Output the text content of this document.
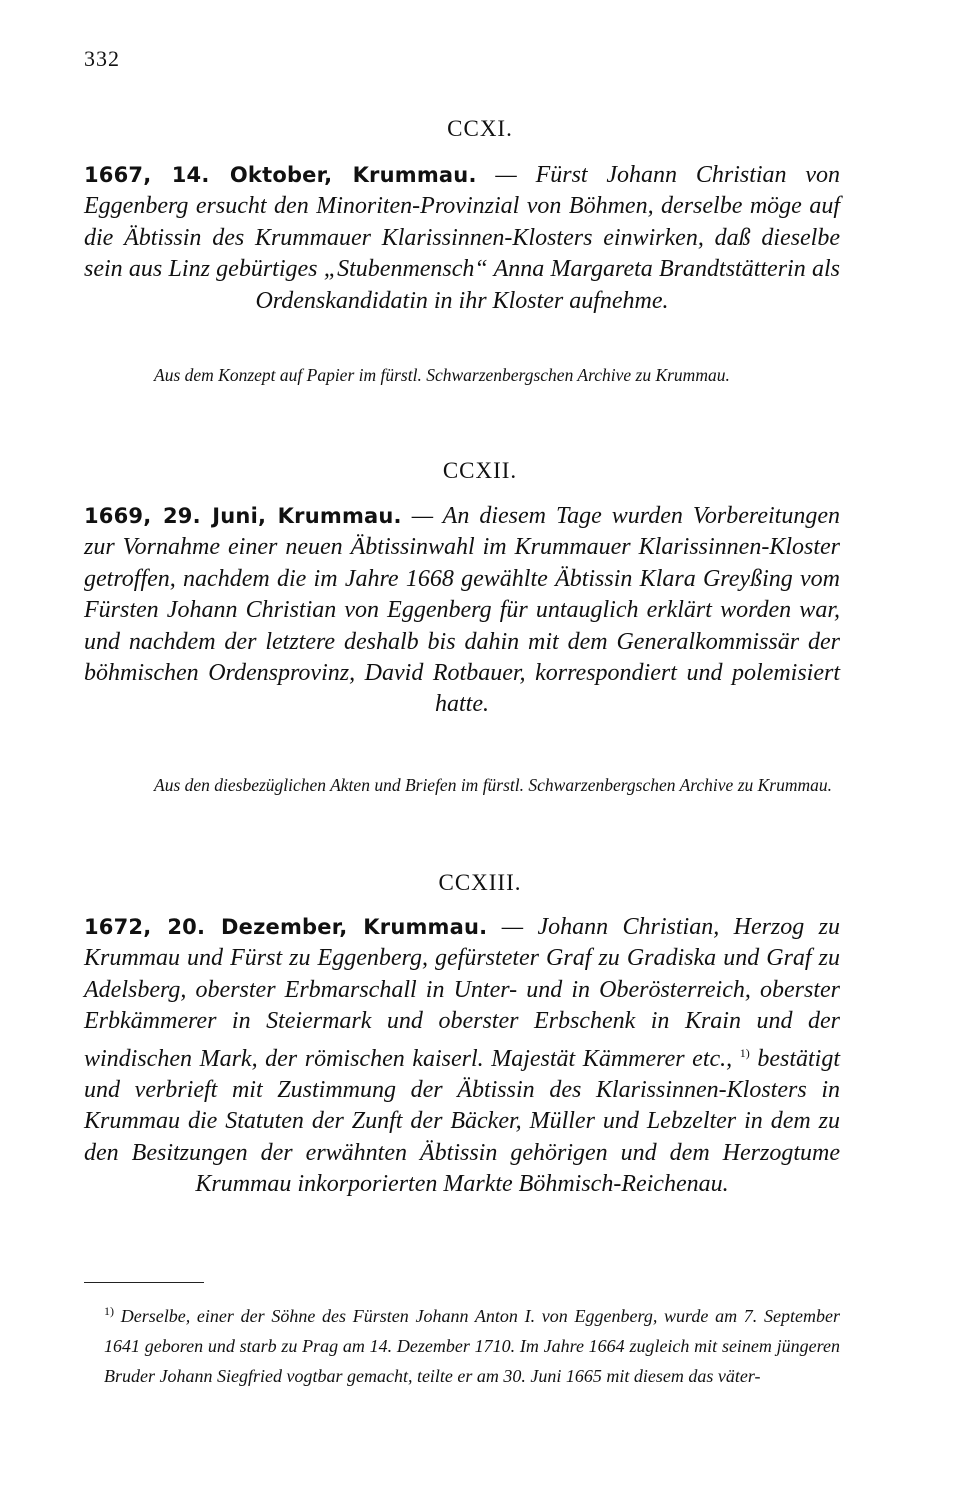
332
CCXI.
1667, 14. Oktober, Krummau. — Fürst Johann Christian von Eggenberg ersucht den Minoriten-Provinzial von Böhmen, derselbe möge auf die Äbtissin des Krummauer Klarissinnen-Klosters einwirken, daß dieselbe sein aus Linz gebürtiges „Stubenmensch“ Anna Margareta Brandtstätterin als Ordenskandidatin in ihr Kloster aufnehme.
Aus dem Konzept auf Papier im fürstl. Schwarzenbergschen Archive zu Krummau.
CCXII.
1669, 29. Juni, Krummau. — An diesem Tage wurden Vorbereitungen zur Vornahme einer neuen Äbtissinwahl im Krummauer Klarissinnen-Kloster getroffen, nachdem die im Jahre 1668 gewählte Äbtissin Klara Greyßing vom Fürsten Johann Christian von Eggenberg für untauglich erklärt worden war, und nachdem der letztere deshalb bis dahin mit dem Generalkommissär der böhmischen Ordensprovinz, David Rotbauer, korrespondiert und polemisiert hatte.
Aus den diesbezüglichen Akten und Briefen im fürstl. Schwarzenbergschen Archive zu Krummau.
CCXIII.
1672, 20. Dezember, Krummau. — Johann Christian, Herzog zu Krummau und Fürst zu Eggenberg, gefürsteter Graf zu Gradiska und Graf zu Adelsberg, oberster Erbmarschall in Unter- und in Oberösterreich, oberster Erbkämmerer in Steiermark und oberster Erbschenk in Krain und der windischen Mark, der römischen kaiserl. Majestät Kämmerer etc., $^{1)}$ bestätigt und verbrieft mit Zustimmung der Äbtissin des Klarissinnen-Klosters in Krummau die Statuten der Zunft der Bäcker, Müller und Lebzelter in dem zu den Besitzungen der erwähnten Äbtissin gehörigen und dem Herzogtume Krummau inkorporierten Markte Böhmisch-Reichenau.
$^{1)}$ Derselbe, einer der Söhne des Fürsten Johann Anton I. von Eggenberg, wurde am 7. September 1641 geboren und starb zu Prag am 14. Dezember 1710. Im Jahre 1664 zugleich mit seinem jüngeren Bruder Johann Siegfried vogtbar gemacht, teilte er am 30. Juni 1665 mit diesem das väter-
